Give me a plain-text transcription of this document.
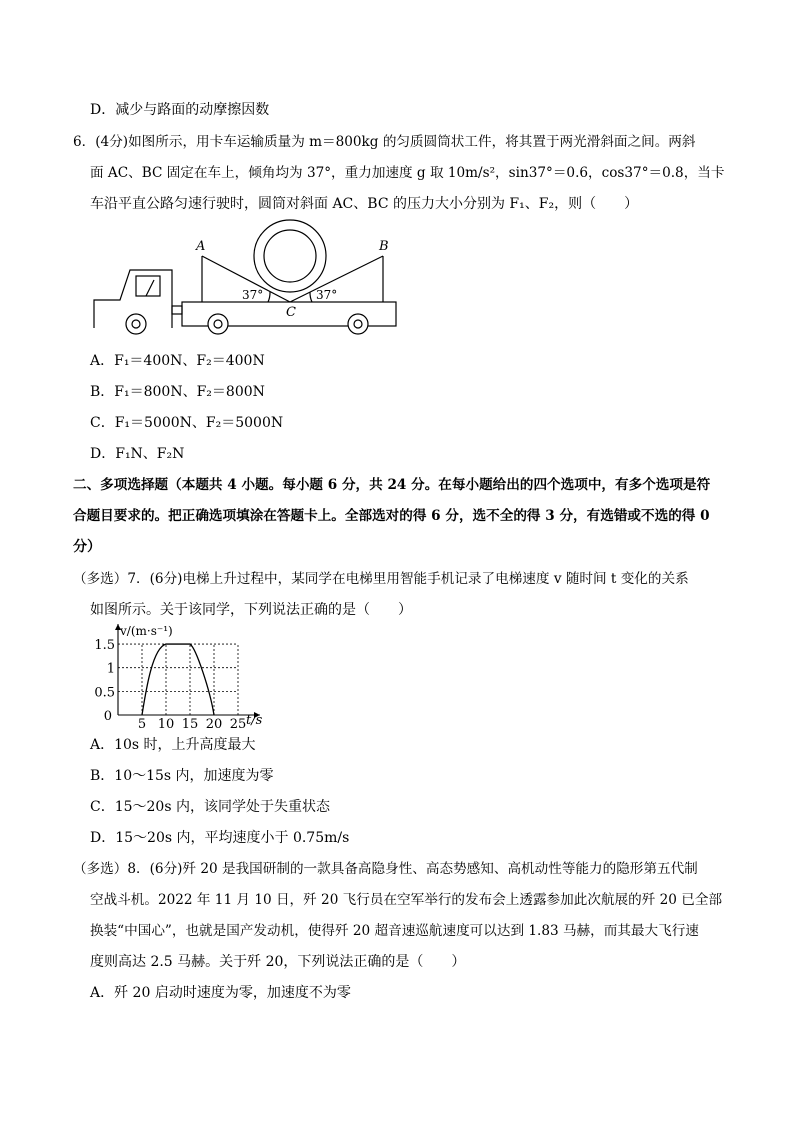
D．减少与路面的动摩擦因数
6．(4分)如图所示，用卡车运输质量为 m＝800kg 的匀质圆筒状工件，将其置于两光滑斜面之间。两斜
面 AC、BC 固定在车上，倾角均为 37°，重力加速度 g 取 10m/s²，sin37°＝0.6，cos37°＝0.8，当卡
车沿平直公路匀速行驶时，圆筒对斜面 AC、BC 的压力大小分别为 F₁、F₂，则（　　）
A	B
C
37°	37°
A．F₁＝400N、F₂＝400N
B．F₁＝800N、F₂＝800N
C．F₁＝5000N、F₂＝5000N
D．F₁N、F₂N
二、多项选择题（本题共 4 小题。每小题 6 分，共 24 分。在每小题给出的四个选项中，有多个选项是符
合题目要求的。把正确选项填涂在答题卡上。全部选对的得 6 分，选不全的得 3 分，有选错或不选的得 0
分）
（多选）7．(6分)电梯上升过程中，某同学在电梯里用智能手机记录了电梯速度 v 随时间 t 变化的关系
如图所示。关于该同学，下列说法正确的是（　　）
5 10 15 20 25
0
0.5
1
1.5
v/(m·s⁻¹)
t/s
A．10s 时，上升高度最大
B．10～15s 内，加速度为零
C．15～20s 内，该同学处于失重状态
D．15～20s 内，平均速度小于 0.75m/s
（多选）8．(6分)歼 20 是我国研制的一款具备高隐身性、高态势感知、高机动性等能力的隐形第五代制
空战斗机。2022 年 11 月 10 日，歼 20 飞行员在空军举行的发布会上透露参加此次航展的歼 20 已全部
换装“中国心”，也就是国产发动机，使得歼 20 超音速巡航速度可以达到 1.83 马赫，而其最大飞行速
度则高达 2.5 马赫。关于歼 20，下列说法正确的是（　　）
A．歼 20 启动时速度为零，加速度不为零
